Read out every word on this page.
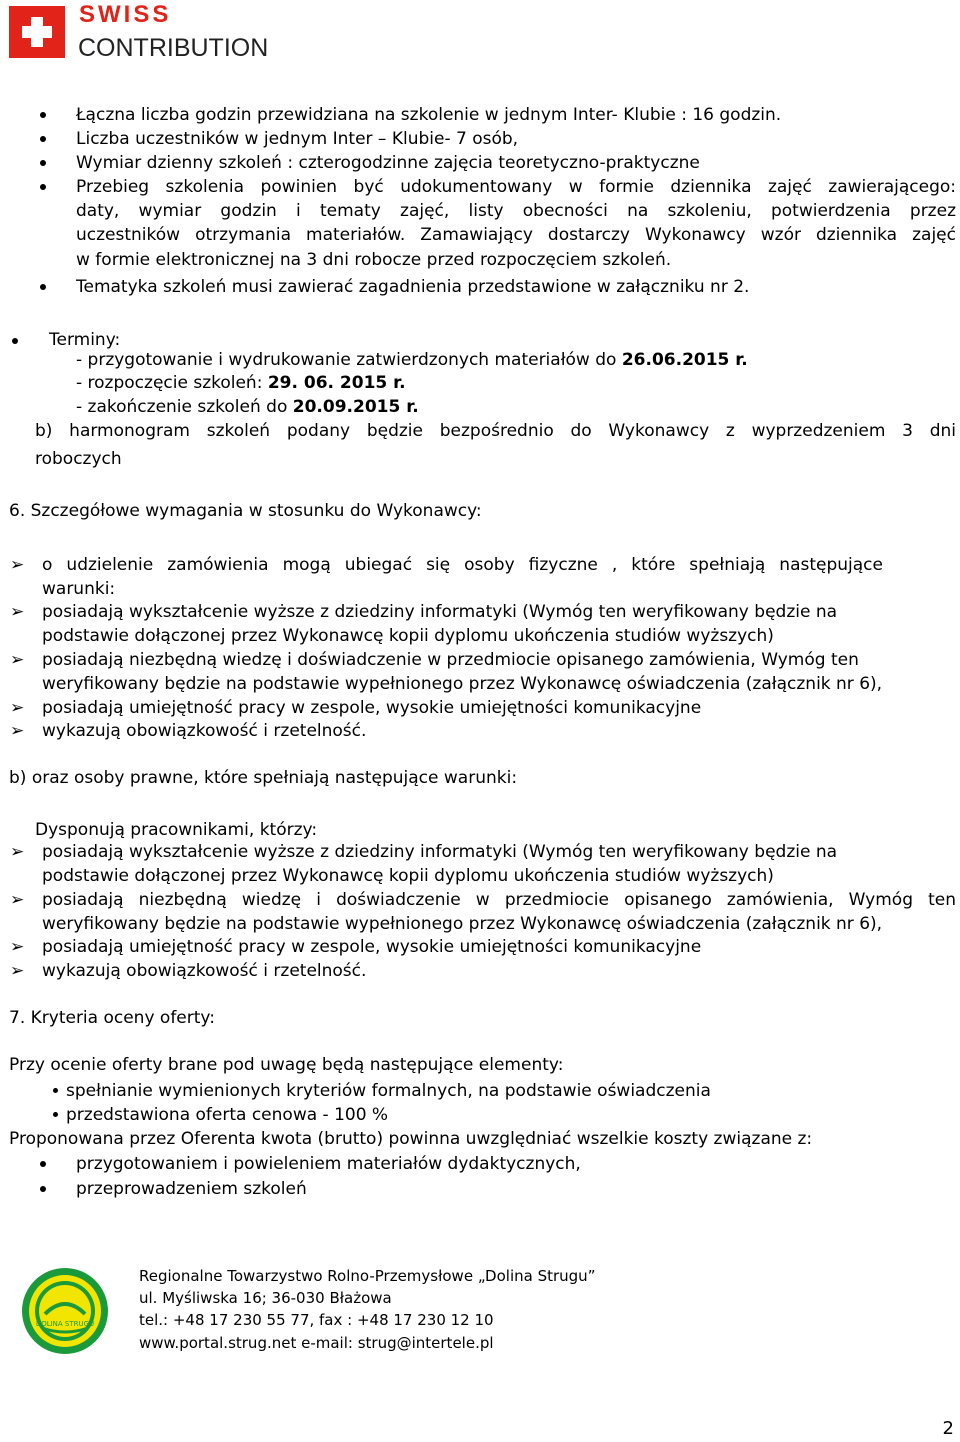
SWISS
CONTRIBUTION
Łączna liczba godzin przewidziana na szkolenie w jednym Inter- Klubie : 16 godzin.
Liczba uczestników w jednym Inter – Klubie- 7 osób,
Wymiar dzienny szkoleń : czterogodzinne zajęcia teoretyczno-praktyczne
Przebieg szkolenia powinien być udokumentowany w formie dziennika zajęć zawierającego:
daty, wymiar godzin i tematy zajęć, listy obecności na szkoleniu, potwierdzenia przez
uczestników otrzymania materiałów. Zamawiający dostarczy Wykonawcy wzór dziennika zajęć
w formie elektronicznej na 3 dni robocze przed rozpoczęciem szkoleń.
Tematyka szkoleń musi zawierać zagadnienia przedstawione w załączniku nr 2.
Terminy:
- przygotowanie i wydrukowanie zatwierdzonych materiałów do 26.06.2015 r.
- rozpoczęcie szkoleń: 29. 06. 2015 r.
- zakończenie szkoleń do 20.09.2015 r.
b) harmonogram szkoleń podany będzie bezpośrednio do Wykonawcy z wyprzedzeniem 3 dni
roboczych
6. Szczegółowe wymagania w stosunku do Wykonawcy:
➢ o udzielenie zamówienia mogą ubiegać się osoby fizyczne , które spełniają następujące
warunki:
➢ posiadają wykształcenie wyższe z dziedziny informatyki (Wymóg ten weryfikowany będzie na
podstawie dołączonej przez Wykonawcę kopii dyplomu ukończenia studiów wyższych)
➢ posiadają niezbędną wiedzę i doświadczenie w przedmiocie opisanego zamówienia, Wymóg ten
weryfikowany będzie na podstawie wypełnionego przez Wykonawcę oświadczenia (załącznik nr 6),
➢ posiadają umiejętność pracy w zespole, wysokie umiejętności komunikacyjne
➢ wykazują obowiązkowość i rzetelność.
b) oraz osoby prawne, które spełniają następujące warunki:
Dysponują pracownikami, którzy:
➢ posiadają wykształcenie wyższe z dziedziny informatyki (Wymóg ten weryfikowany będzie na
podstawie dołączonej przez Wykonawcę kopii dyplomu ukończenia studiów wyższych)
➢ posiadają niezbędną wiedzę i doświadczenie w przedmiocie opisanego zamówienia, Wymóg ten
weryfikowany będzie na podstawie wypełnionego przez Wykonawcę oświadczenia (załącznik nr 6),
➢ posiadają umiejętność pracy w zespole, wysokie umiejętności komunikacyjne
➢ wykazują obowiązkowość i rzetelność.
7. Kryteria oceny oferty:
Przy ocenie oferty brane pod uwagę będą następujące elementy:
spełnianie wymienionych kryteriów formalnych, na podstawie oświadczenia
przedstawiona oferta cenowa - 100 %
Proponowana przez Oferenta kwota (brutto) powinna uwzględniać wszelkie koszty związane z:
przygotowaniem i powieleniem materiałów dydaktycznych,
przeprowadzeniem szkoleń
DOLINA STRUGU
Regionalne Towarzystwo Rolno-Przemysłowe „Dolina Strugu”
ul. Myśliwska 16; 36-030 Błażowa
tel.: +48 17 230 55 77, fax : +48 17 230 12 10
www.portal.strug.net e-mail: strug@intertele.pl
2
